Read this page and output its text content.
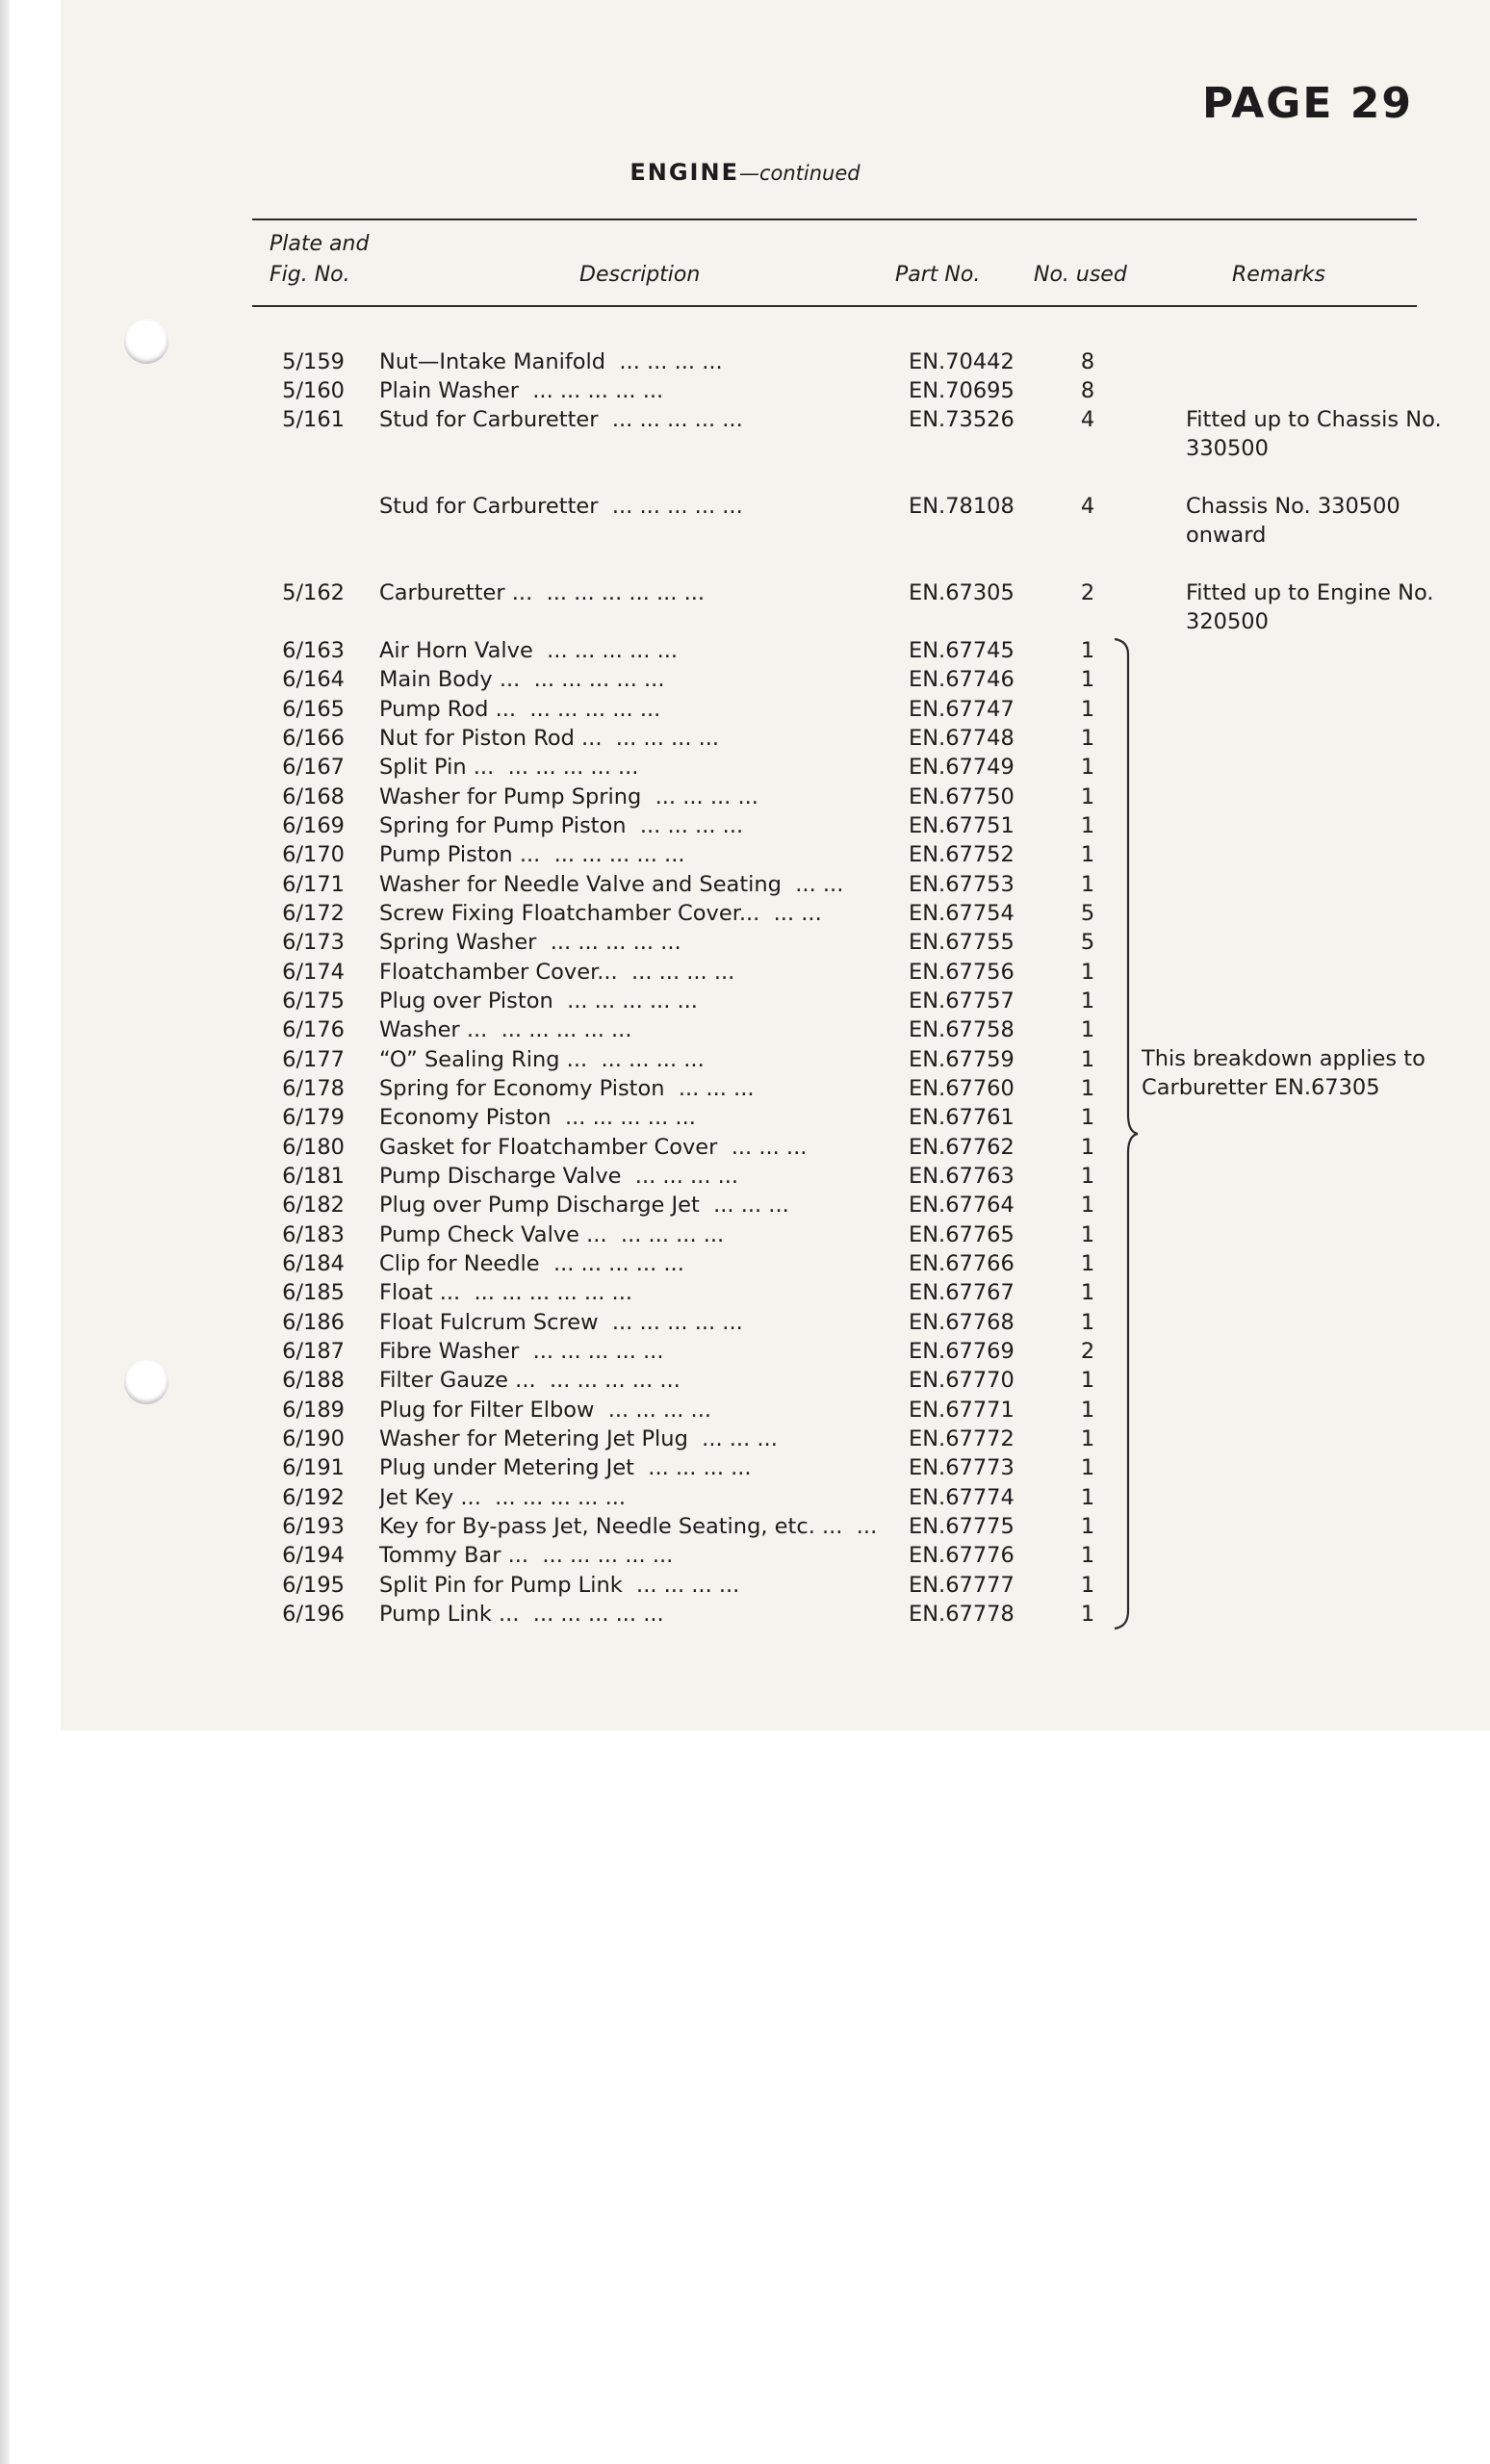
PAGE 29
ENGINE—continued
Plate and
Fig. No.	Description	Part No.	No. used	Remarks
5/159 Nut—Intake Manifold ... ... ... ...	EN.70442	8
5/160 Plain Washer ... ... ... ... ...	EN.70695	8
5/161 Stud for Carburetter ... ... ... ... ...	EN.73526	4	Fitted up to Chassis No. 330500
Stud for Carburetter ... ... ... ... ...	EN.78108	4	Chassis No. 330500 onward
5/162 Carburetter ... ... ... ... ... ... ...	EN.67305	2	Fitted up to Engine No. 320500
6/163 Air Horn Valve ... ... ... ... ...	EN.67745	1
6/164 Main Body ... ... ... ... ... ...	EN.67746	1
6/165 Pump Rod ... ... ... ... ... ...	EN.67747	1
6/166 Nut for Piston Rod ... ... ... ... ...	EN.67748	1
6/167 Split Pin ... ... ... ... ... ...	EN.67749	1
6/168 Washer for Pump Spring ... ... ... ...	EN.67750	1
6/169 Spring for Pump Piston ... ... ... ...	EN.67751	1
6/170 Pump Piston ... ... ... ... ... ...	EN.67752	1
6/171 Washer for Needle Valve and Seating ... ...	EN.67753	1
6/172 Screw Fixing Floatchamber Cover... ... ...	EN.67754	5
6/173 Spring Washer ... ... ... ... ...	EN.67755	5
6/174 Floatchamber Cover... ... ... ... ...	EN.67756	1
6/175 Plug over Piston ... ... ... ... ...	EN.67757	1
6/176 Washer ... ... ... ... ... ...	EN.67758	1
6/177 “O” Sealing Ring ... ... ... ... ...	EN.67759	1
6/178 Spring for Economy Piston ... ... ...	EN.67760	1
6/179 Economy Piston ... ... ... ... ...	EN.67761	1
6/180 Gasket for Floatchamber Cover ... ... ...	EN.67762	1
6/181 Pump Discharge Valve ... ... ... ...	EN.67763	1
6/182 Plug over Pump Discharge Jet ... ... ...	EN.67764	1
6/183 Pump Check Valve ... ... ... ... ...	EN.67765	1
6/184 Clip for Needle ... ... ... ... ...	EN.67766	1
6/185 Float ... ... ... ... ... ... ...	EN.67767	1
6/186 Float Fulcrum Screw ... ... ... ... ...	EN.67768	1
6/187 Fibre Washer ... ... ... ... ...	EN.67769	2
6/188 Filter Gauze ... ... ... ... ... ...	EN.67770	1
6/189 Plug for Filter Elbow ... ... ... ...	EN.67771	1
6/190 Washer for Metering Jet Plug ... ... ...	EN.67772	1
6/191 Plug under Metering Jet ... ... ... ...	EN.67773	1
6/192 Jet Key ... ... ... ... ... ...	EN.67774	1
6/193 Key for By-pass Jet, Needle Seating, etc. ... ...	EN.67775	1
6/194 Tommy Bar ... ... ... ... ... ...	EN.67776	1
6/195 Split Pin for Pump Link ... ... ... ...	EN.67777	1
6/196 Pump Link ... ... ... ... ... ...	EN.67778	1
This breakdown applies to Carburetter EN.67305
